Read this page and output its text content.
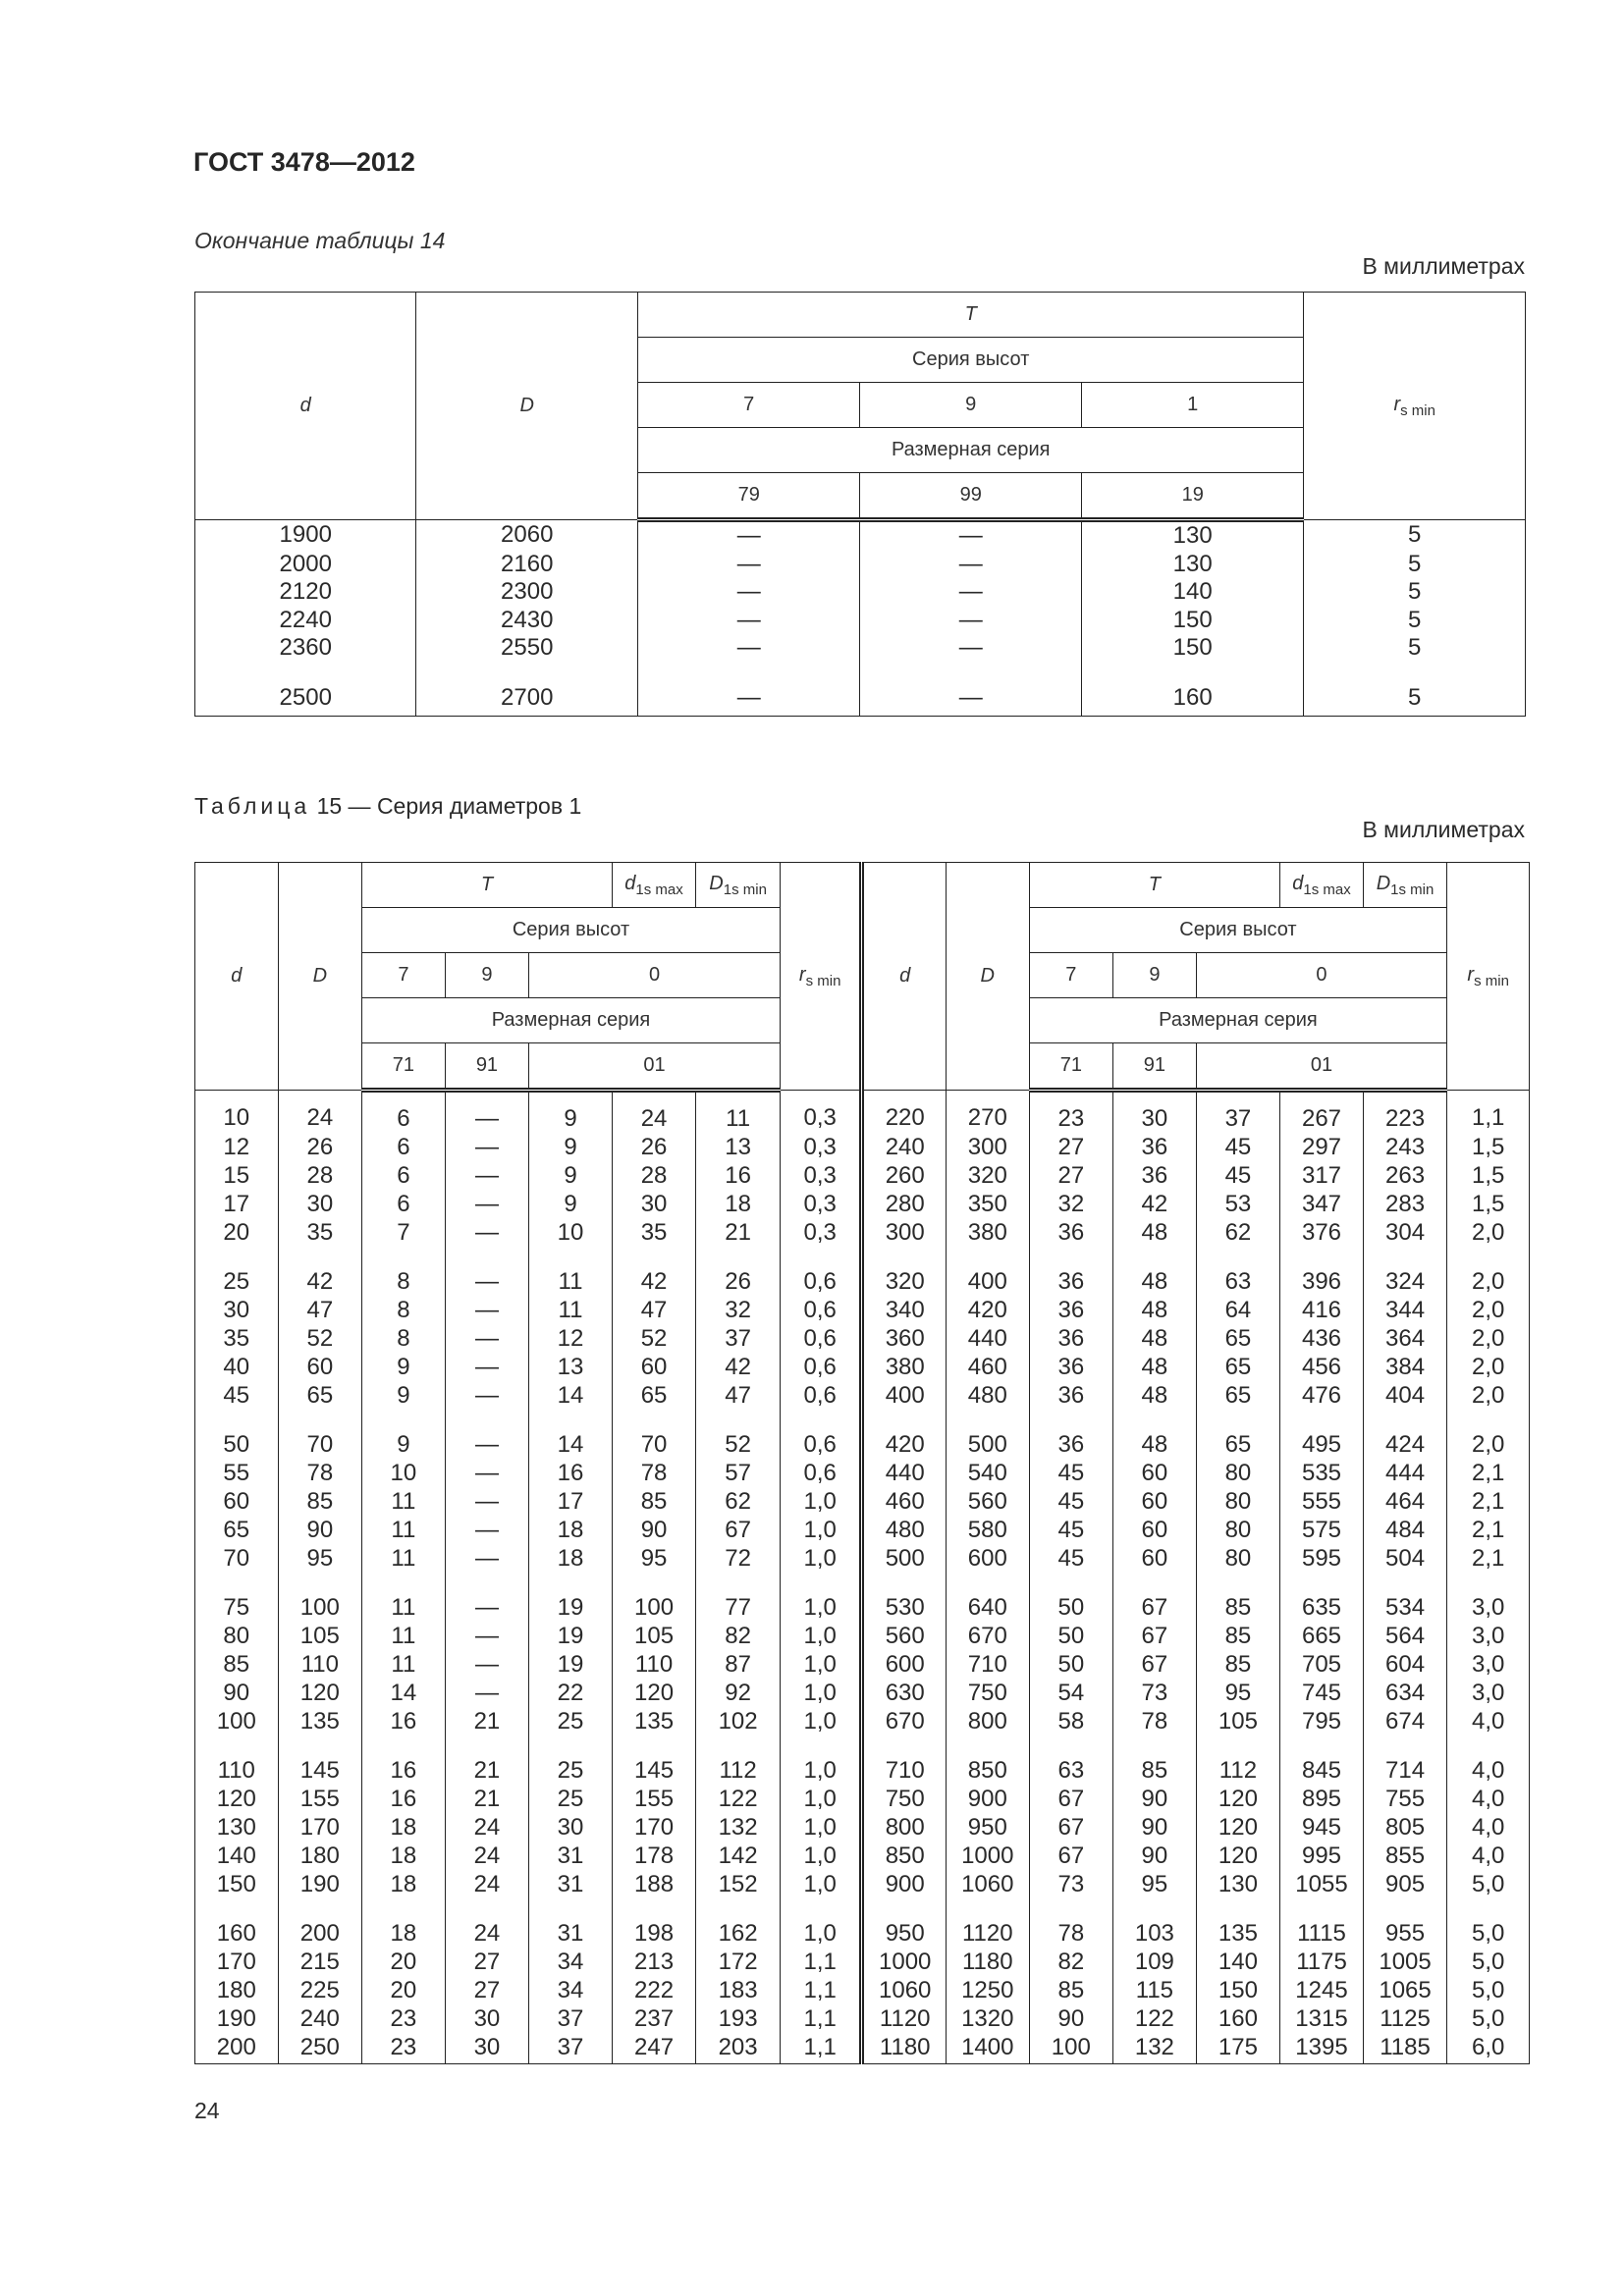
ГОСТ 3478—2012

Окончание таблицы 14

В миллиметрах

d	D	T			$r_{s min}$
		Серия высот			
		7	9	1	
		Размерная серия			
		79	99	19	
1900	2060	—	—	130	5
2000	2160	—	—	130	5
2120	2300	—	—	140	5
2240	2430	—	—	150	5
2360	2550	—	—	150	5
2500	2700	—	—	160	5

Таблица 15 — Серия диаметров 1

В миллиметрах

d	D	T			$d_{1s max}$	$D_{1s min}$	$r_{s min}$	d	D	T			$d_{1s max}$	$D_{1s min}$	$r_{s min}$
		Серия высот								Серия высот					
		7	9	0						7	9	0			
		Размерная серия								Размерная серия					
		71	91	01						71	91	01			
10	24	6	—	9	24	11	0,3	220	270	23	30	37	267	223	1,1
12	26	6	—	9	26	13	0,3	240	300	27	36	45	297	243	1,5
15	28	6	—	9	28	16	0,3	260	320	27	36	45	317	263	1,5
17	30	6	—	9	30	18	0,3	280	350	32	42	53	347	283	1,5
20	35	7	—	10	35	21	0,3	300	380	36	48	62	376	304	2,0
25	42	8	—	11	42	26	0,6	320	400	36	48	63	396	324	2,0
30	47	8	—	11	47	32	0,6	340	420	36	48	64	416	344	2,0
35	52	8	—	12	52	37	0,6	360	440	36	48	65	436	364	2,0
40	60	9	—	13	60	42	0,6	380	460	36	48	65	456	384	2,0
45	65	9	—	14	65	47	0,6	400	480	36	48	65	476	404	2,0
50	70	9	—	14	70	52	0,6	420	500	36	48	65	495	424	2,0
55	78	10	—	16	78	57	0,6	440	540	45	60	80	535	444	2,1
60	85	11	—	17	85	62	1,0	460	560	45	60	80	555	464	2,1
65	90	11	—	18	90	67	1,0	480	580	45	60	80	575	484	2,1
70	95	11	—	18	95	72	1,0	500	600	45	60	80	595	504	2,1
75	100	11	—	19	100	77	1,0	530	640	50	67	85	635	534	3,0
80	105	11	—	19	105	82	1,0	560	670	50	67	85	665	564	3,0
85	110	11	—	19	110	87	1,0	600	710	50	67	85	705	604	3,0
90	120	14	—	22	120	92	1,0	630	750	54	73	95	745	634	3,0
100	135	16	21	25	135	102	1,0	670	800	58	78	105	795	674	4,0
110	145	16	21	25	145	112	1,0	710	850	63	85	112	845	714	4,0
120	155	16	21	25	155	122	1,0	750	900	67	90	120	895	755	4,0
130	170	18	24	30	170	132	1,0	800	950	67	90	120	945	805	4,0
140	180	18	24	31	178	142	1,0	850	1000	67	90	120	995	855	4,0
150	190	18	24	31	188	152	1,0	900	1060	73	95	130	1055	905	5,0
160	200	18	24	31	198	162	1,0	950	1120	78	103	135	1115	955	5,0
170	215	20	27	34	213	172	1,1	1000	1180	82	109	140	1175	1005	5,0
180	225	20	27	34	222	183	1,1	1060	1250	85	115	150	1245	1065	5,0
190	240	23	30	37	237	193	1,1	1120	1320	90	122	160	1315	1125	5,0
200	250	23	30	37	247	203	1,1	1180	1400	100	132	175	1395	1185	6,0

24
